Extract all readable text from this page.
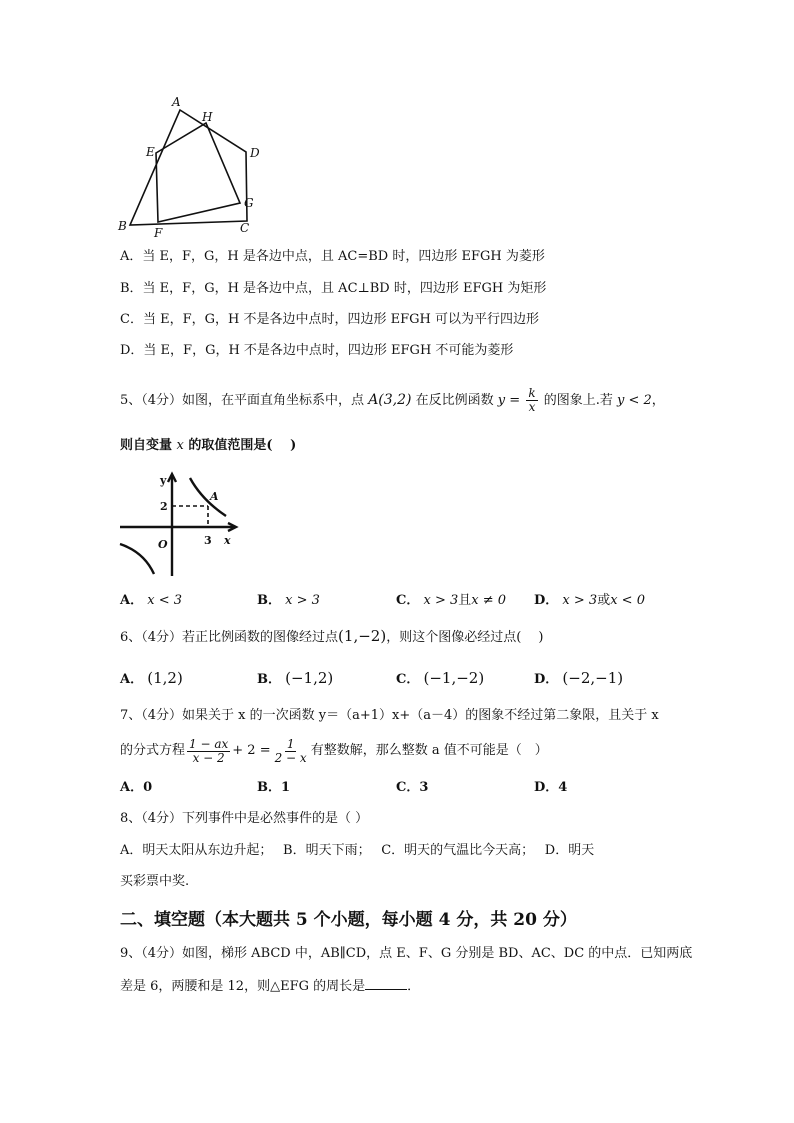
A
H
E	D
G
B F	C
A．当 E，F，G，H 是各边中点，且 AC=BD 时，四边形 EFGH 为菱形
B．当 E，F，G，H 是各边中点，且 AC⊥BD 时，四边形 EFGH 为矩形
C．当 E，F，G，H 不是各边中点时，四边形 EFGH 可以为平行四边形
D．当 E，F，G，H 不是各边中点时，四边形 EFGH 不可能为菱形
5、（4分）如图，在平面直角坐标系中，点 A(3,2) 在反比例函数 $y = \frac{k}{x}$ 的图象上.若 y < 2，
则自变量 x 的取值范围是(　 )
y
2
A
O	3 x
A． x < 3	B． x > 3	C． x > 3且x ≠ 0 D． x > 3或x < 0
6、（4分）若正比例函数的图像经过点(1,−2)，则这个图像必经过点(　 )
A． (1,2)	B． (−1,2)	C． (−1,−2)	D． (−2,−1)
7、（4分）如果关于 x 的一次函数 y＝（a+1）x+（a－4）的图象不经过第二象限，且关于 x
的分式方程 $\frac{1 - ax}{x - 2} + 2 = \frac{1}{2 - x}$ 有整数解，那么整数 a 值不可能是（　）
A．0	B．1	C．3	D．4
8、（4分）下列事件中是必然事件的是（ ）
A．明天太阳从东边升起；　 B．明天下雨；　 C．明天的气温比今天高；　 D．明天
买彩票中奖.
二、填空题（本大题共 5 个小题，每小题 4 分，共 20 分）
9、（4分）如图，梯形 ABCD 中，AB∥CD，点 E、F、G 分别是 BD、AC、DC 的中点．已知两底
差是 6，两腰和是 12，则△EFG 的周长是	．
